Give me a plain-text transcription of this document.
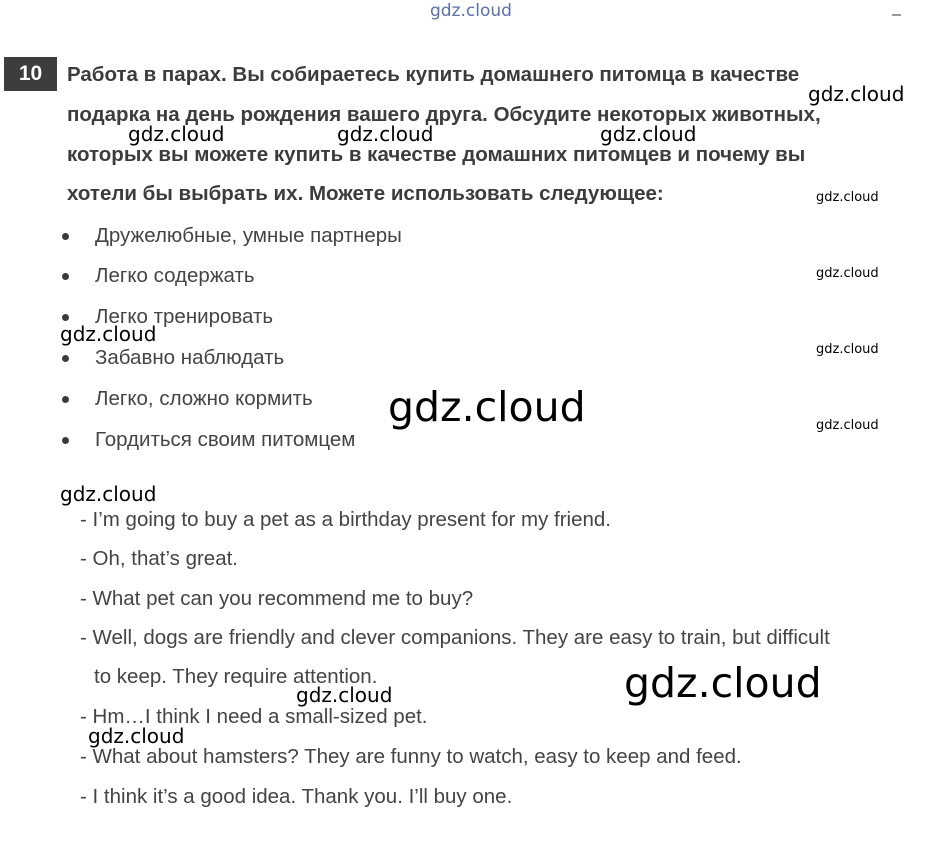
gdz.cloud
10	Работа в парах. Вы собираетесь купить домашнего питомца в качестве
подарка на день рождения вашего друга. Обсудите некоторых животных,
которых вы можете купить в качестве домашних питомцев и почему вы
хотели бы выбрать их. Можете использовать следующее:
Дружелюбные, умные партнеры
Легко содержать
Легко тренировать
Забавно наблюдать
Легко, сложно кормить
Гордиться своим питомцем
- I’m going to buy a pet as a birthday present for my friend.
- Oh, that’s great.
- What pet can you recommend me to buy?
- Well, dogs are friendly and clever companions. They are easy to train, but difficult
to keep. They require attention.
- Hm…I think I need a small-sized pet.
- What about hamsters? They are funny to watch, easy to keep and feed.
- I think it’s a good idea. Thank you. I’ll buy one.
gdz.cloud
gdz.cloud	gdz.cloud	gdz.cloud
gdz.cloud
gdz.cloud
gdz.cloud
gdz.cloud
gdz.cloud	gdz.cloud
gdz.cloud
gdz.cloud
gdz.cloud
gdz.cloud
